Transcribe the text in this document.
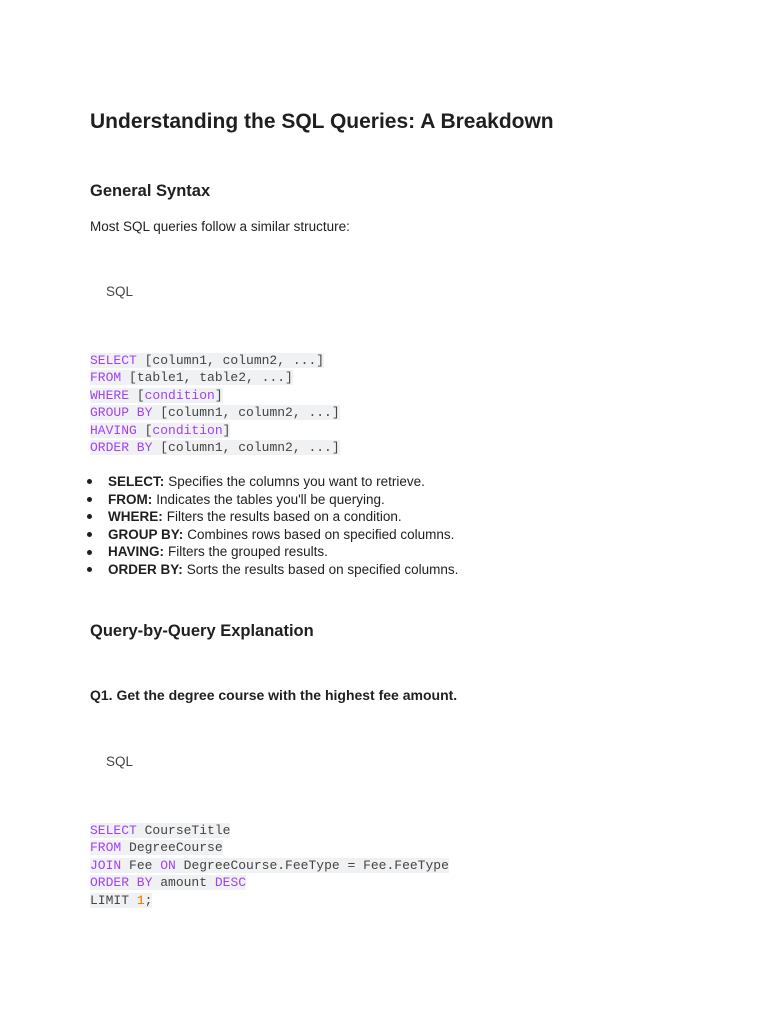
Understanding the SQL Queries: A Breakdown
General Syntax
Most SQL queries follow a similar structure:
SQL
SELECT [column1, column2, ...]
FROM [table1, table2, ...]
WHERE [condition]
GROUP BY [column1, column2, ...]
HAVING [condition]
ORDER BY [column1, column2, ...]
SELECT: Specifies the columns you want to retrieve.
FROM: Indicates the tables you'll be querying.
WHERE: Filters the results based on a condition.
GROUP BY: Combines rows based on specified columns.
HAVING: Filters the grouped results.
ORDER BY: Sorts the results based on specified columns.
Query-by-Query Explanation
Q1. Get the degree course with the highest fee amount.
SQL
SELECT CourseTitle
FROM DegreeCourse
JOIN Fee ON DegreeCourse.FeeType = Fee.FeeType
ORDER BY amount DESC
LIMIT 1;
